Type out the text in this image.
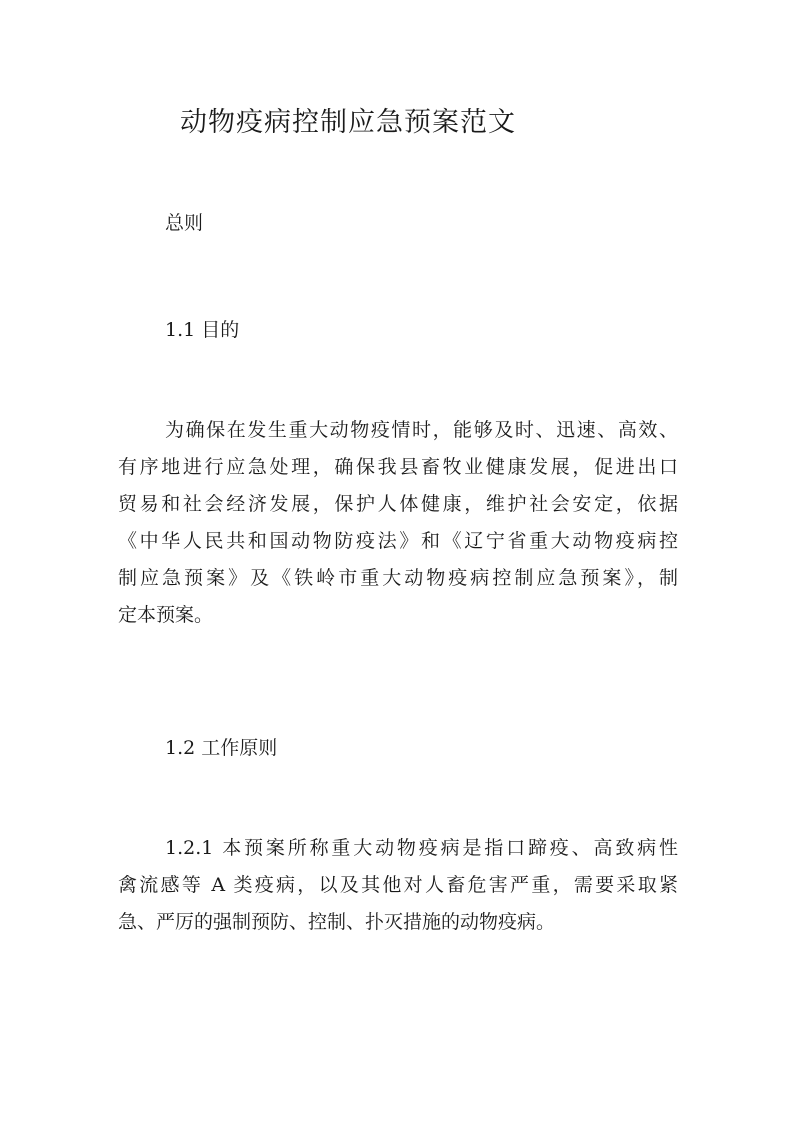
动物疫病控制应急预案范文
总则
1.1 目的

为确保在发生重大动物疫情时，能够及时、迅速、高效、
有序地进行应急处理，确保我县畜牧业健康发展，促进出口
贸易和社会经济发展，保护人体健康，维护社会安定，依据
《中华人民共和国动物防疫法》和《辽宁省重大动物疫病控
制应急预案》及《铁岭市重大动物疫病控制应急预案》，制
定本预案。

1.2 工作原则

1.2.1 本预案所称重大动物疫病是指口蹄疫、高致病性
禽流感等 A 类疫病，以及其他对人畜危害严重，需要采取紧
急、严厉的强制预防、控制、扑灭措施的动物疫病。
